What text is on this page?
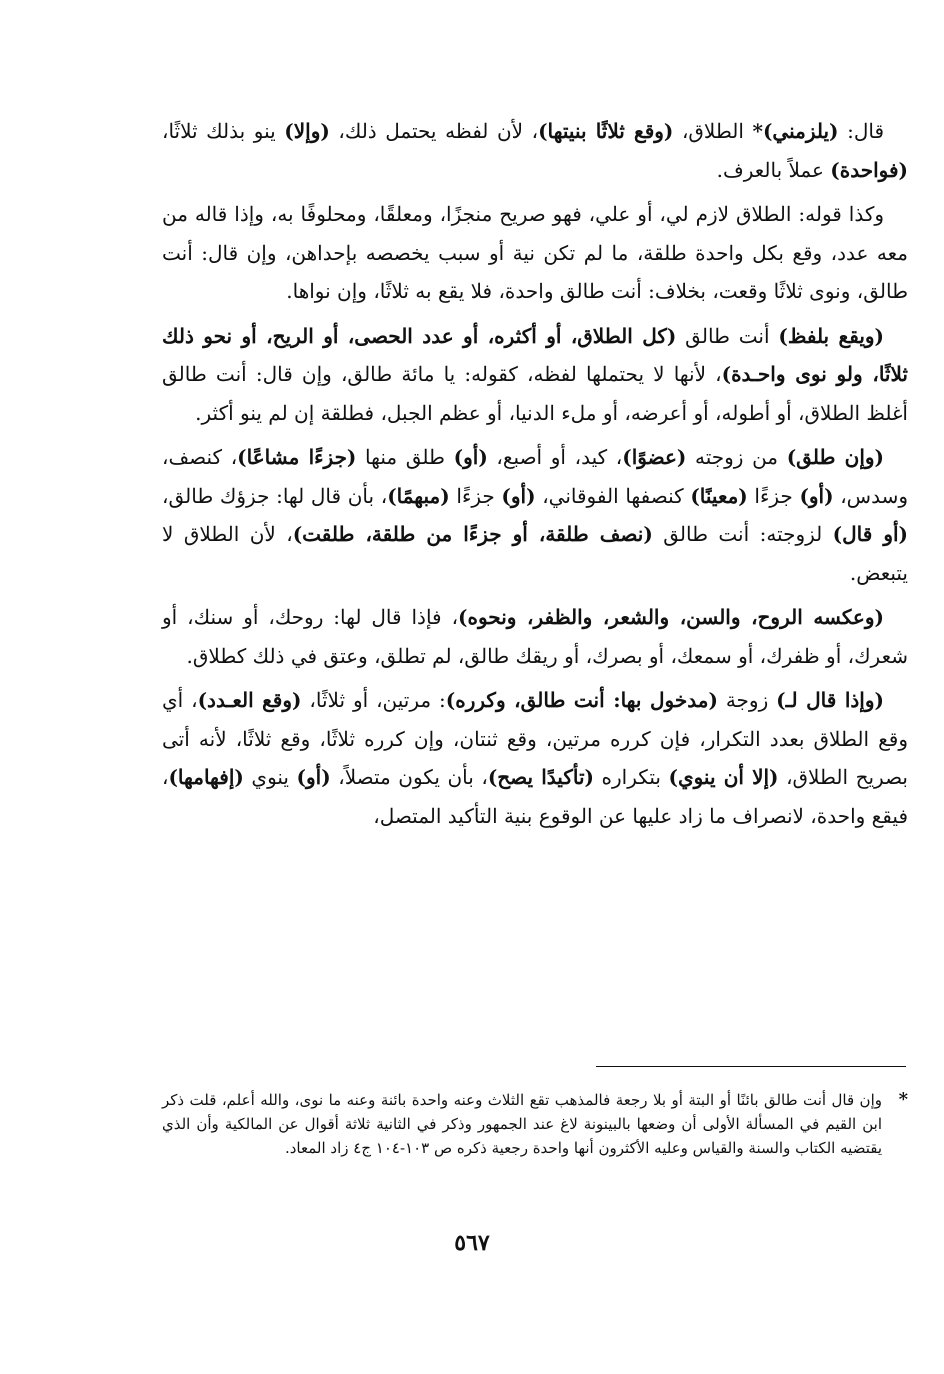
قال: (يلزمني)* الطلاق، (وقع ثلاثًا بنيتها)، لأن لفظه يحتمل ذلك، (وإلا) ينو بذلك ثلاثًا، (فواحدة) عملاً بالعرف.

وكذا قوله: الطلاق لازم لي، أو علي، فهو صريح منجزًا، ومعلقًا، ومحلوفًا به، وإذا قاله من معه عدد، وقع بكل واحدة طلقة، ما لم تكن نية أو سبب يخصصه بإحداهن، وإن قال: أنت طالق، ونوى ثلاثًا وقعت، بخلاف: أنت طالق واحدة، فلا يقع به ثلاثًا، وإن نواها.

(ويقع بلفظ) أنت طالق (كل الطلاق، أو أكثره، أو عدد الحصى، أو الريح، أو نحو ذلك ثلاثًا، ولو نوى واحـدة)، لأنها لا يحتملها لفظه، كقوله: يا مائة طالق، وإن قال: أنت طالق أغلظ الطلاق، أو أطوله، أو أعرضه، أو ملء الدنيا، أو عظم الجبل، فطلقة إن لم ينو أكثر.

(وإن طلق) من زوجته (عضوًا)، كيد، أو أصبع، (أو) طلق منها (جزءًا مشاعًا)، كنصف، وسدس، (أو) جزءًا (معينًا) كنصفها الفوقاني، (أو) جزءًا (مبهمًا)، بأن قال لها: جزؤك طالق، (أو قال) لزوجته: أنت طالق (نصف طلقة، أو جزءًا من طلقة، طلقت)، لأن الطلاق لا يتبعض.

(وعكسه الروح، والسن، والشعر، والظفر، ونحوه)، فإذا قال لها: روحك، أو سنك، أو شعرك، أو ظفرك، أو سمعك، أو بصرك، أو ريقك طالق، لم تطلق، وعتق في ذلك كطلاق.

(وإذا قال لـ) زوجة (مدخول بها: أنت طالق، وكرره): مرتين، أو ثلاثًا، (وقع العـدد)، أي وقع الطلاق بعدد التكرار، فإن كرره مرتين، وقع ثنتان، وإن كرره ثلاثًا، وقع ثلاثًا، لأنه أتى بصريح الطلاق، (إلا أن ينوي) بتكراره (تأكيدًا يصح)، بأن يكون متصلاً، (أو) ينوي (إفهامها)، فيقع واحدة، لانصراف ما زاد عليها عن الوقوع بنية التأكيد المتصل،

*
وإن قال أنت طالق بائنًا أو البتة أو بلا رجعة فالمذهب تقع الثلاث وعنه واحدة بائنة وعنه ما نوى، والله أعلم، قلت ذكر ابن القيم في المسألة الأولى أن وضعها بالبينونة لاغ عند الجمهور وذكر في الثانية ثلاثة أقوال عن المالكية وأن الذي يقتضيه الكتاب والسنة والقياس وعليه الأكثرون أنها واحدة رجعية ذكره ص ١٠٣-١٠٤ ج٤ زاد المعاد.
٥٦٧
